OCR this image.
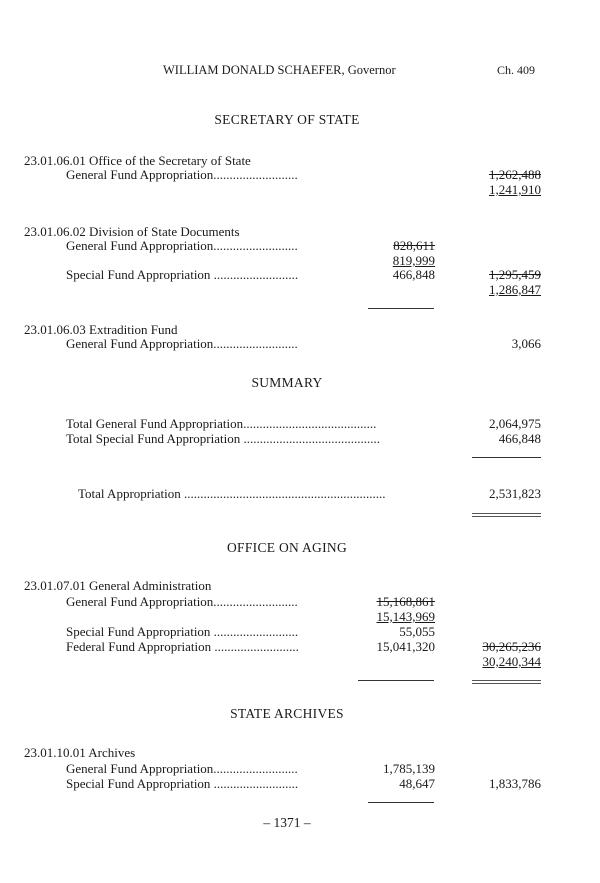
WILLIAM DONALD SCHAEFER, Governor	Ch. 409
SECRETARY OF STATE
23.01.06.01 Office of the Secretary of State
General Fund Appropriation..........................	1,262,488
1,241,910
23.01.06.02 Division of State Documents
General Fund Appropriation..........................	828,611
819,999
Special Fund Appropriation ..........................	466,848	1,295,459
1,286,847
23.01.06.03 Extradition Fund
General Fund Appropriation..........................	3,066
SUMMARY
Total General Fund Appropriation.........................................	2,064,975
Total Special Fund Appropriation ..........................................	466,848
Total Appropriation ..............................................................	2,531,823
OFFICE ON AGING
23.01.07.01 General Administration
General Fund Appropriation..........................	15,168,861
15,143,969
Special Fund Appropriation ..........................	55,055
Federal Fund Appropriation ..........................	15,041,320	30,265,236
30,240,344
STATE ARCHIVES
23.01.10.01 Archives
General Fund Appropriation..........................	1,785,139
Special Fund Appropriation ..........................	48,647	1,833,786
– 1371 –
